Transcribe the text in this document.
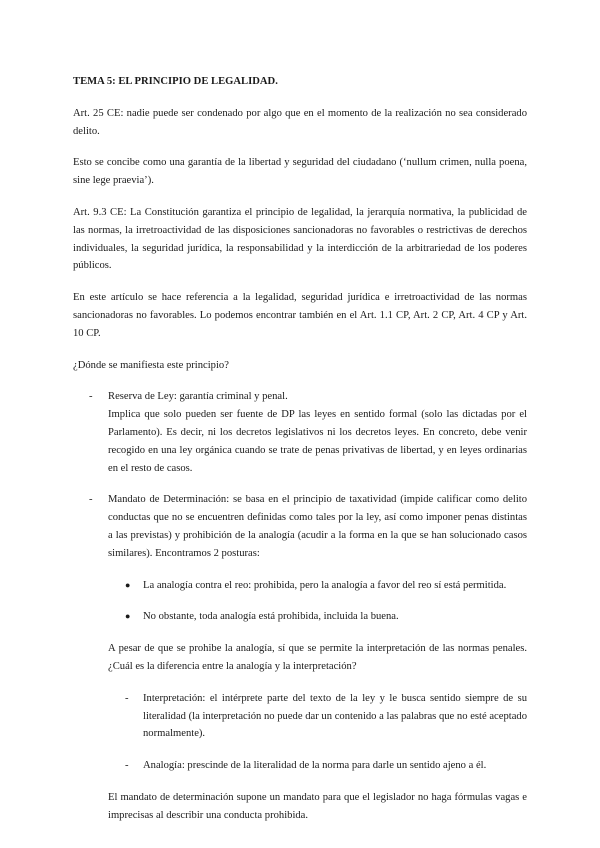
TEMA 5: EL PRINCIPIO DE LEGALIDAD.

Art. 25 CE: nadie puede ser condenado por algo que en el momento de la realización no sea considerado delito.

Esto se concibe como una garantía de la libertad y seguridad del ciudadano (‘nullum crimen, nulla poena, sine lege praevia’).

Art. 9.3 CE: La Constitución garantiza el principio de legalidad, la jerarquía normativa, la publicidad de las normas, la irretroactividad de las disposiciones sancionadoras no favorables o restrictivas de derechos individuales, la seguridad jurídica, la responsabilidad y la interdicción de la arbitrariedad de los poderes públicos.

En este artículo se hace referencia a la legalidad, seguridad jurídica e irretroactividad de las normas sancionadoras no favorables. Lo podemos encontrar también en el Art. 1.1 CP, Art. 2 CP, Art. 4 CP y Art. 10 CP.

¿Dónde se manifiesta este principio?

- Reserva de Ley: garantía criminal y penal.

Implica que solo pueden ser fuente de DP las leyes en sentido formal (solo las dictadas por el Parlamento). Es decir, ni los decretos legislativos ni los decretos leyes. En concreto, debe venir recogido en una ley orgánica cuando se trate de penas privativas de libertad, y en leyes ordinarias en el resto de casos.

- Mandato de Determinación: se basa en el principio de taxatividad (impide calificar como delito conductas que no se encuentren definidas como tales por la ley, así como imponer penas distintas a las previstas) y prohibición de la analogía (acudir a la forma en la que se han solucionado casos similares). Encontramos 2 posturas:
● La analogía contra el reo: prohibida, pero la analogía a favor del reo sí está permitida.
● No obstante, toda analogía está prohibida, incluida la buena.

A pesar de que se prohibe la analogía, sí que se permite la interpretación de las normas penales. ¿Cuál es la diferencia entre la analogía y la interpretación?

- Interpretación: el intérprete parte del texto de la ley y le busca sentido siempre de su literalidad (la interpretación no puede dar un contenido a las palabras que no esté aceptado normalmente).
- Analogía: prescinde de la literalidad de la norma para darle un sentido ajeno a él.

El mandato de determinación supone un mandato para que el legislador no haga fórmulas vagas e imprecisas al describir una conducta prohibida.
